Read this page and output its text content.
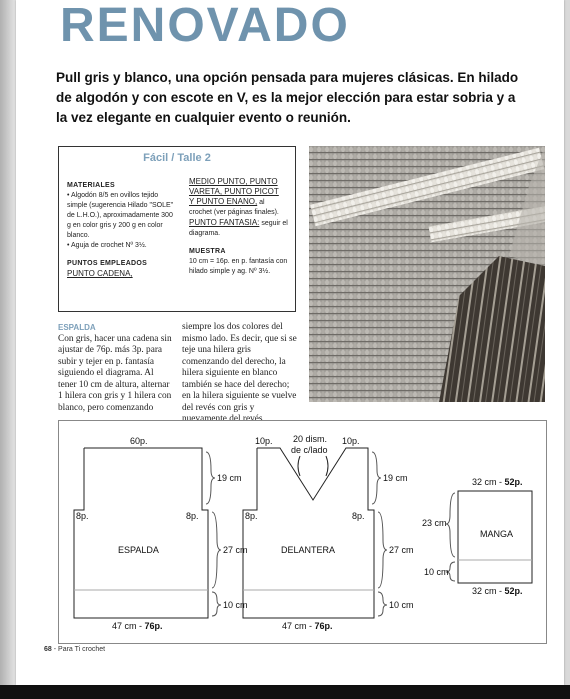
RENOVADO
Pull gris y blanco, una opción pensada para mujeres clásicas. En hilado de algodón y con escote en V, es la mejor elección para estar sobria y a la vez elegante en cualquier evento o reunión.
Fácil / Talle 2
MATERIALES
• Algodón 8/5 en ovillos tejido simple (sugerencia Hilado "SOLE" de L.H.O.), aproximadamente 300 g en color gris y 200 g en color blanco.
• Aguja de crochet Nº 3½.
PUNTOS EMPLEADOS
PUNTO CADENA,
MEDIO PUNTO, PUNTO
VARETA, PUNTO PICOT
Y PUNTO ENANO, al crochet (ver páginas finales).
PUNTO FANTASIA: seguir el diagrama.
MUESTRA
10 cm = 16p. en p. fantasía con hilado simple y ag. Nº 3½.
ESPALDA
Con gris, hacer una cadena sin ajustar de 76p. más 3p. para subir y tejer en p. fantasía siguiendo el diagrama. Al tener 10 cm de altura, alternar 1 hilera con gris y 1 hilera con blanco, pero comenzando
siempre los dos colores del mismo lado. Es decir, que si se teje una hilera gris comenzando del derecho, la hilera siguiente en blanco también se hace del derecho; en la hilera siguiente se vuelve del revés con gris y nuevamente del revés
60p.
8p.	8p.
ESPALDA
47 cm - 76p.
10p.	10p.
20 dism.
de c/lado
8p.	8p.
DELANTERA
47 cm - 76p.
19 cm
27 cm
10 cm
19 cm
27 cm
10 cm
32 cm - 52p.
MANGA
23 cm
10 cm
32 cm - 52p.
68 - Para Ti crochet
